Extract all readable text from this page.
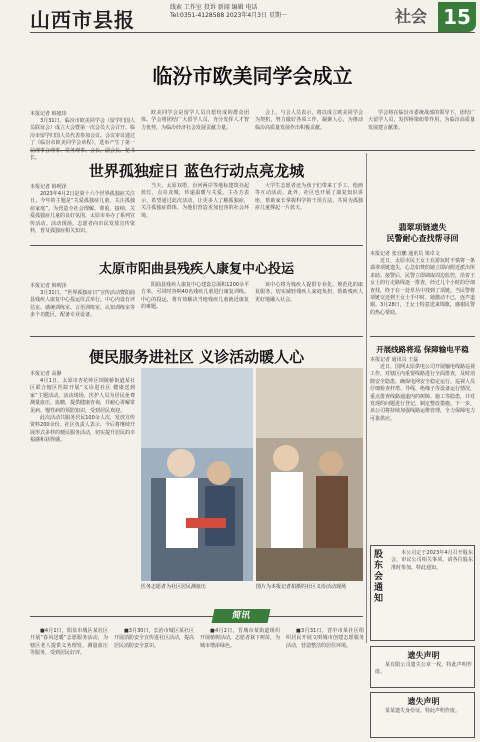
山西市县报
线索 工作室 投诉 新闻 编辑 电话
Tel:0351-4128588 2023年4月3日 星期一	社会 15
临汾市欧美同学会成立
本报记者 韩旭玮

3月31日，临汾市欧美同学会（留学归国人员联谊会）成立大会暨第一次会员大会召开。临汾市留学归国人员代表参加会议。会议审议通过了《临汾市欧美同学会章程》，选举产生了第一 长。

欧美同学会是留学人员自愿结成的群众团体。学会将团结广大留学人员，充分发挥人才智力优势，为临汾经济社会发展贡献力量。

会上，与会人员表示，将以成立欧美同学会为契机，努力做好各项工作，凝聚人心，为推动临汾高质量发展作出积极贡献。

学会将在临汾市委统战部的领导下，团结广大留学人员，发挥桥梁纽带作用，为临汾高质量发展建言献策。

世界孤独症日 蓝色行动点亮龙城
本报记者 韩明泽

2023年4月2日是第十六个世界孤独症关注日。今年的主题是“关爱孤独症儿童，关注孤独症家庭”。为营造全社会理解、尊重、接纳、关爱孤独症儿童的良好氛围，太原市举办了系列宣传活动。活动现场，志愿者向市民发放宣传资料，普及孤独症相关知识。

当天，太原双塔、汾河两岸等地标建筑亮起蓝灯，点亮龙城，传递温暖与关爱。主办方表示，希望通过此次活动，让更多人了解孤独症，关注孤独症群体，为他们营造更加包容的社会环境。

大学生志愿者还为孩子们带来了手工、绘画等互动活动。此外，社区也开展了康复知识讲座，帮助家长掌握科学的干预方法，共同为孤独症儿童撑起一片蓝天。

翡翠项链遗失
民警耐心查找帮寻回
本报记者 张宜鹏 通讯员 梁卓文

近日，太原市民王女士在游玩时不慎将一条翡翠项链遗失，心急如焚的她立即向附近派出所求助。接警后，民警立即调取周边监控，沿着王女士的行走路线逐一排查，经过几个小时的仔细查找，终于在一处草丛中找到了项链。当民警将项链交还到王女士手中时，她激动不已，连声道谢。3月28日，王女士特意送来锦旗，感谢民警的热心帮助。

太原市阳曲县残疾人康复中心投运
本报记者 韩明泽

3月31日，“世界孤独症日”宣传活动暨阳曲县残疾人康复中心投运仪式举行。中心内设有评估室、感统训练室、言语训练室、认知训练室等多个功能区，配备专业设备。

阳曲县残疾人康复中心建设总面积1200余平方米，可同时容纳40名残疾儿童进行康复训练。中心的投运，将有效解决当地残疾儿童就近康复的难题。

该中心将为残疾人提供专业化、规范化的康复服务，切实减轻残疾人家庭负担，帮助残疾人更好地融入社会。

开展线路将巡 保障输电平稳
本报记者 通讯员 王磊

近日，国网太原供电公司开展输电线路巡视工作，对辖区内重要线路进行全面排查，及时消除安全隐患，确保电网安全稳定运行。巡视人员仔细检查杆塔、导线、绝缘子等设备运行情况，重点排查线路通道内的树障、施工等隐患，并对发现的问题进行登记，制定整改措施。下一步，该公司将持续加强线路运维管理，全力保障电力可靠供应。

便民服务进社区 义诊活动暖人心
本报记者 高静

4月1日，太原市杏花岭区坝陵桥街道某社区联合辖区医院开展“义诊进社区 健康送到家”主题活动。活动现场，医护人员为居民免费测量血压、血糖，提供健康咨询，并耐心讲解常见病、慢性病的预防知识，受到居民欢迎。

此次活动共服务居民100余人次，发放宣传资料200余份。社区负责人表示，今后将继续开展形式多样的便民服务活动，切实提升居民的幸福感和获得感。

医务志愿者为社区居民测血压	图片为本报记者拍摄的社区义诊活动现场
股东会通知

本公司定于2023年4月召开股东会，审议公司相关事项，请各位股东准时参加。特此通知。

简讯

■4月1日，阳泉市城区某社区开展“春风送暖”志愿服务活动，为辖区老人提供义务理发、测量血压等服务，受到居民好评。

■3月30日，长治市城区某社区开展消防安全宣传进社区活动，提高居民消防安全意识。

■4月2日，晋城市某街道组织开展植树活动，志愿者栽下树苗，为城市增添绿色。

■3月31日，晋中市某社区组织居民开展文明城市创建志愿服务活动，营造整洁的居住环境。

遗失声明

某有限公司遗失公章一枚，特此声明作废。

遗失声明

某某遗失身份证，特此声明作废。
